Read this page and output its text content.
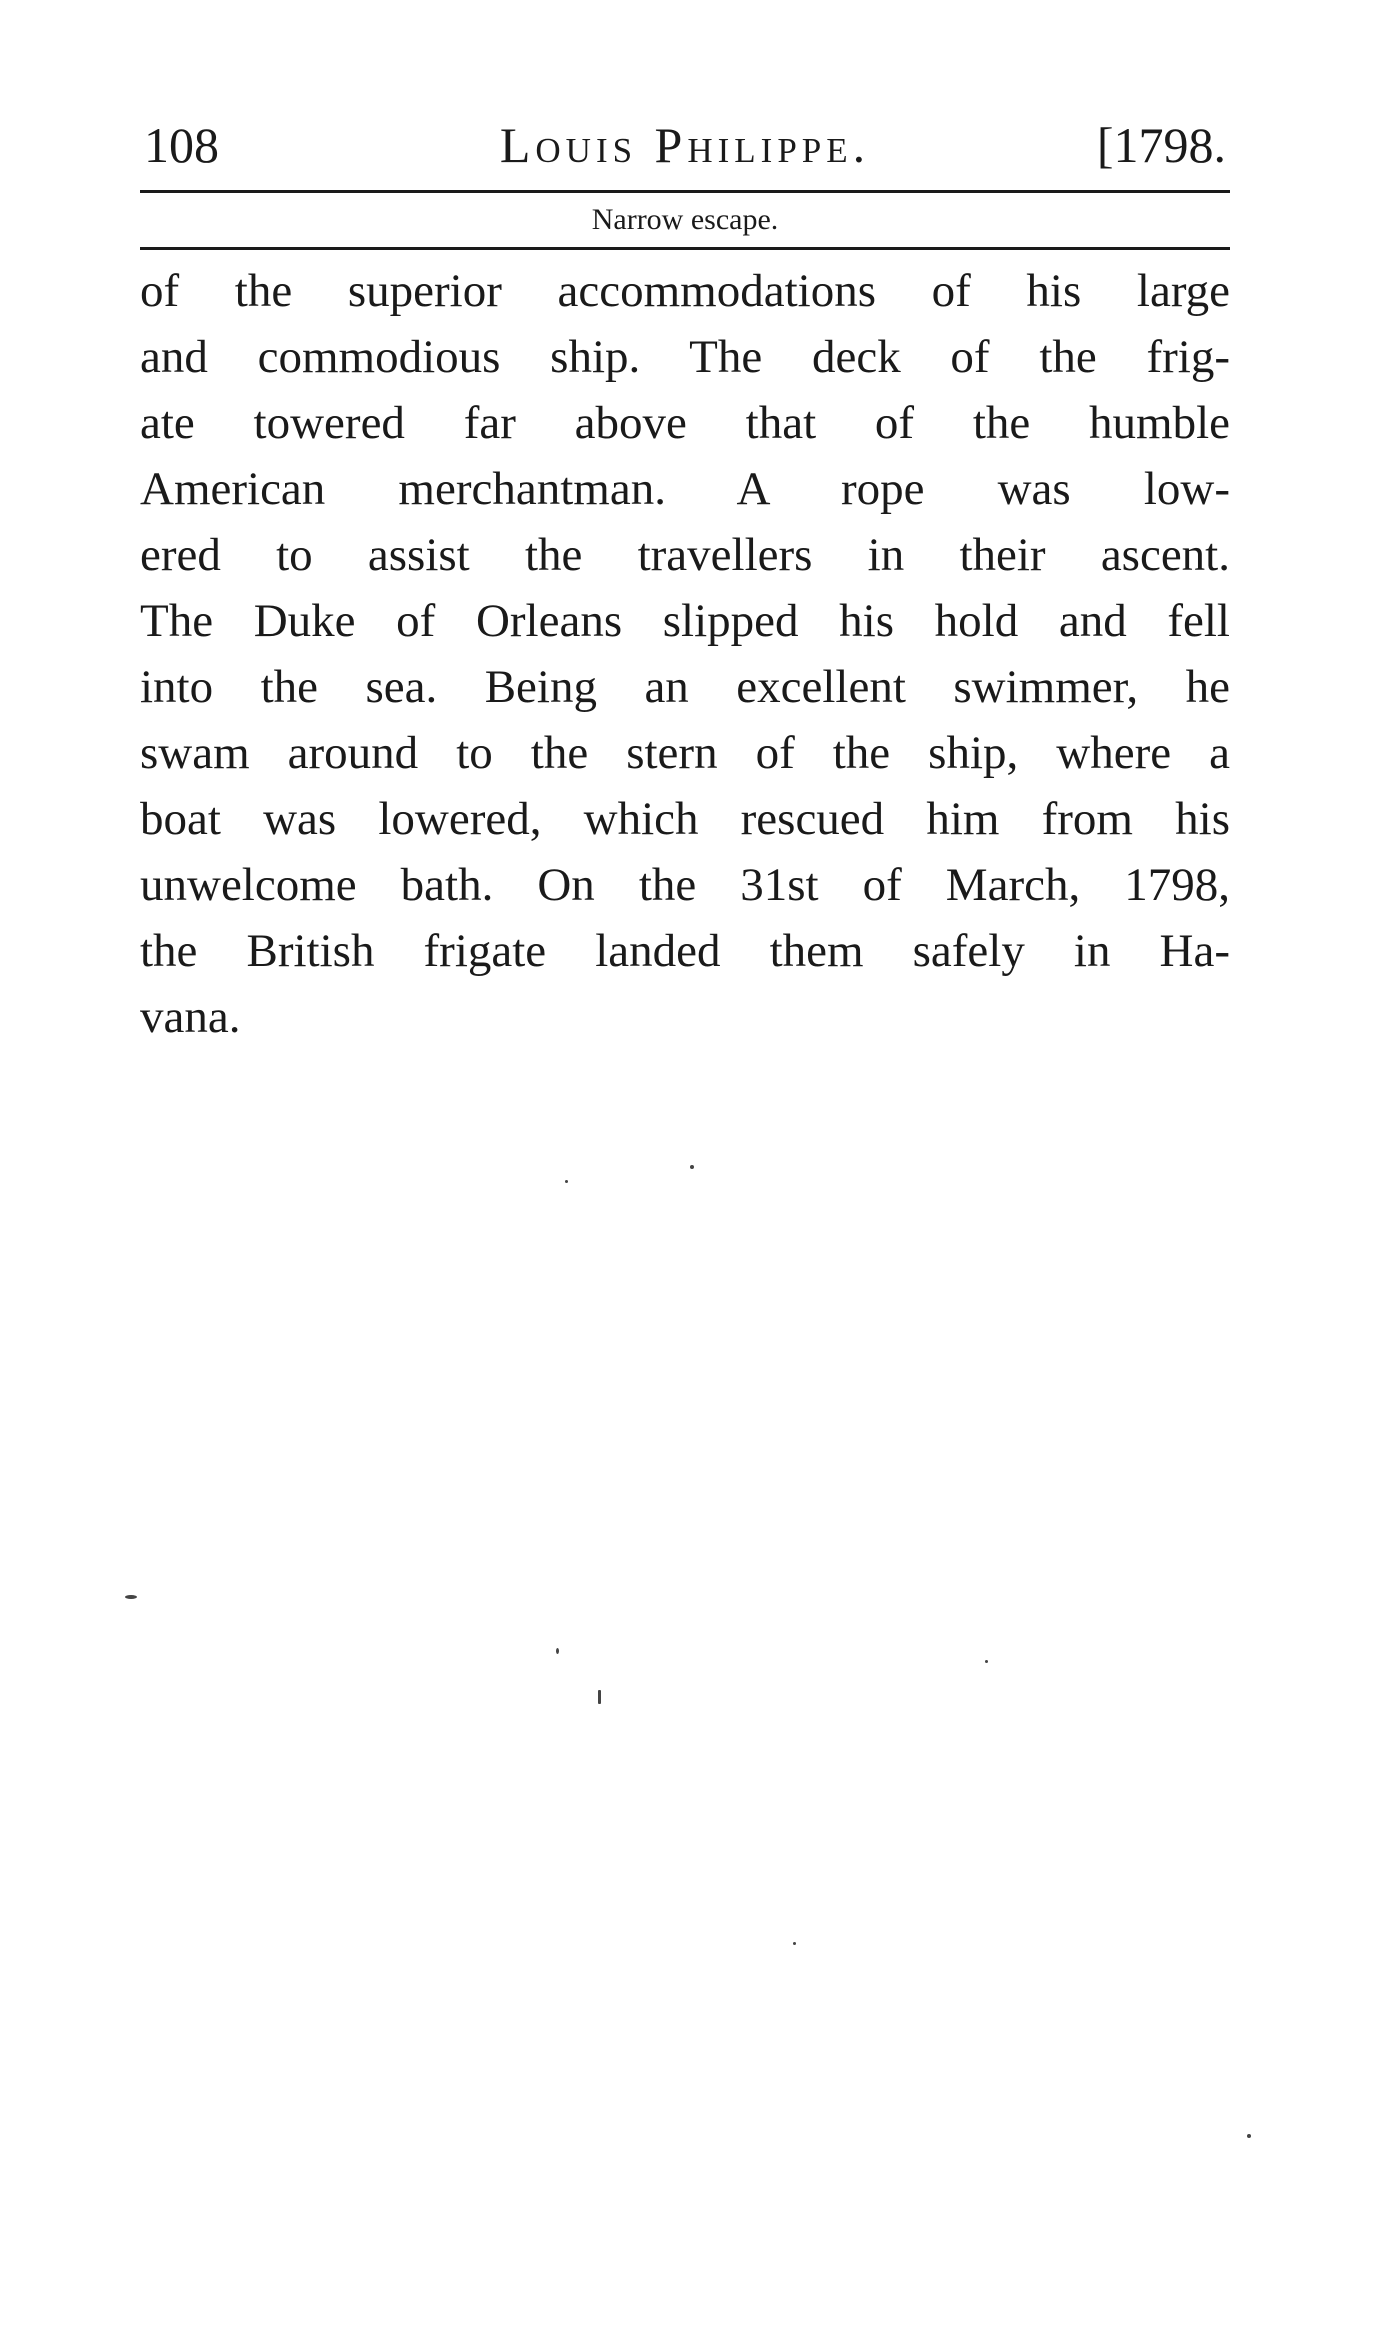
108	Louis Philippe.	[1798.
Narrow escape.
of the superior accommodations of his large
and commodious ship. The deck of the frig-
ate towered far above that of the humble
American merchantman. A rope was low-
ered to assist the travellers in their ascent.
The Duke of Orleans slipped his hold and fell
into the sea. Being an excellent swimmer, he
swam around to the stern of the ship, where a
boat was lowered, which rescued him from his
unwelcome bath. On the 31st of March, 1798,
the British frigate landed them safely in Ha-
vana.
